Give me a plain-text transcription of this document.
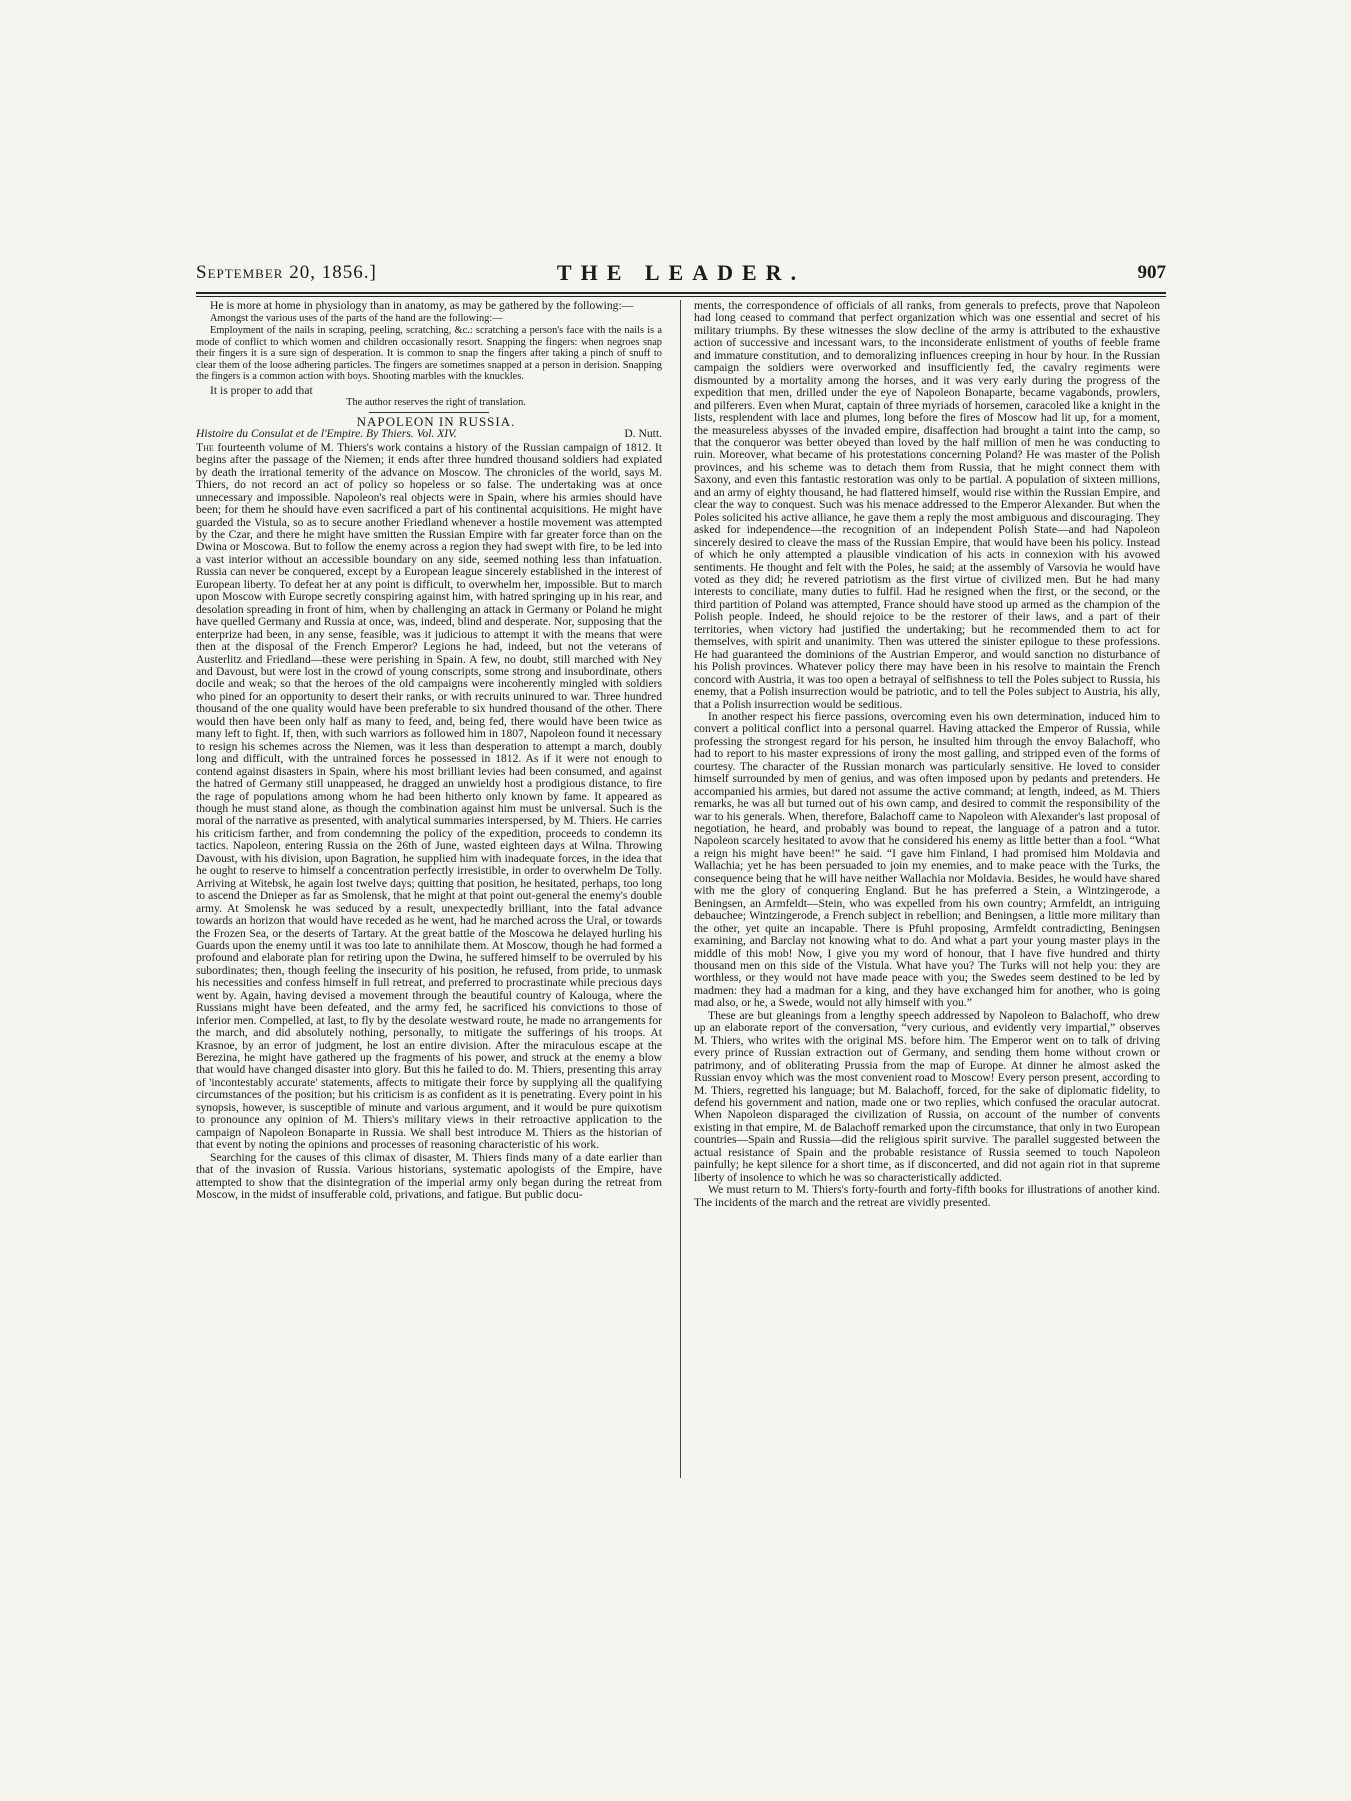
September 20, 1856.]	THE LEADER.	907

He is more at home in physiology than in anatomy, as may be gathered by the following:—

Amongst the various uses of the parts of the hand are the following:—

Employment of the nails in scraping, peeling, scratching, &c.: scratching a person's face with the nails is a mode of conflict to which women and children occasionally resort. Snapping the fingers: when negroes snap their fingers it is a sure sign of desperation. It is common to snap the fingers after taking a pinch of snuff to clear them of the loose adhering particles. The fingers are sometimes snapped at a person in derision. Snapping the fingers is a common action with boys. Shooting marbles with the knuckles.

It is proper to add that

The author reserves the right of translation.

NAPOLEON IN RUSSIA.

Histoire du Consulat et de l'Empire. By Thiers. Vol. XIV.	D. Nutt.

The fourteenth volume of M. Thiers's work contains a history of the Russian campaign of 1812. It begins after the passage of the Niemen; it ends after three hundred thousand soldiers had expiated by death the irrational temerity of the advance on Moscow. The chronicles of the world, says M. Thiers, do not record an act of policy so hopeless or so false. The undertaking was at once unnecessary and impossible. Napoleon's real objects were in Spain, where his armies should have been; for them he should have even sacrificed a part of his continental acquisitions. He might have guarded the Vistula, so as to secure another Friedland whenever a hostile movement was attempted by the Czar, and there he might have smitten the Russian Empire with far greater force than on the Dwina or Moscowa. But to follow the enemy across a region they had swept with fire, to be led into a vast interior without an accessible boundary on any side, seemed nothing less than infatuation. Russia can never be conquered, except by a European league sincerely established in the interest of European liberty. To defeat her at any point is difficult, to overwhelm her, impossible. But to march upon Moscow with Europe secretly conspiring against him, with hatred springing up in his rear, and desolation spreading in front of him, when by challenging an attack in Germany or Poland he might have quelled Germany and Russia at once, was, indeed, blind and desperate. Nor, supposing that the enterprize had been, in any sense, feasible, was it judicious to attempt it with the means that were then at the disposal of the French Emperor? Legions he had, indeed, but not the veterans of Austerlitz and Friedland—these were perishing in Spain. A few, no doubt, still marched with Ney and Davoust, but were lost in the crowd of young conscripts, some strong and insubordinate, others docile and weak; so that the heroes of the old campaigns were incoherently mingled with soldiers who pined for an opportunity to desert their ranks, or with recruits uninured to war. Three hundred thousand of the one quality would have been preferable to six hundred thousand of the other. There would then have been only half as many to feed, and, being fed, there would have been twice as many left to fight. If, then, with such warriors as followed him in 1807, Napoleon found it necessary to resign his schemes across the Niemen, was it less than desperation to attempt a march, doubly long and difficult, with the untrained forces he possessed in 1812. As if it were not enough to contend against disasters in Spain, where his most brilliant levies had been consumed, and against the hatred of Germany still unappeased, he dragged an unwieldy host a prodigious distance, to fire the rage of populations among whom he had been hitherto only known by fame. It appeared as though he must stand alone, as though the combination against him must be universal. Such is the moral of the narrative as presented, with analytical summaries interspersed, by M. Thiers. He carries his criticism farther, and from condemning the policy of the expedition, proceeds to condemn its tactics. Napoleon, entering Russia on the 26th of June, wasted eighteen days at Wilna. Throwing Davoust, with his division, upon Bagration, he supplied him with inadequate forces, in the idea that he ought to reserve to himself a concentration perfectly irresistible, in order to overwhelm De Tolly. Arriving at Witebsk, he again lost twelve days; quitting that position, he hesitated, perhaps, too long to ascend the Dnieper as far as Smolensk, that he might at that point out-general the enemy's double army. At Smolensk he was seduced by a result, unexpectedly brilliant, into the fatal advance towards an horizon that would have receded as he went, had he marched across the Ural, or towards the Frozen Sea, or the deserts of Tartary. At the great battle of the Moscowa he delayed hurling his Guards upon the enemy until it was too late to annihilate them. At Moscow, though he had formed a profound and elaborate plan for retiring upon the Dwina, he suffered himself to be overruled by his subordinates; then, though feeling the insecurity of his position, he refused, from pride, to unmask his necessities and confess himself in full retreat, and preferred to procrastinate while precious days went by. Again, having devised a movement through the beautiful country of Kalouga, where the Russians might have been defeated, and the army fed, he sacrificed his convictions to those of inferior men. Compelled, at last, to fly by the desolate westward route, he made no arrangements for the march, and did absolutely nothing, personally, to mitigate the sufferings of his troops. At Krasnoe, by an error of judgment, he lost an entire division. After the miraculous escape at the Berezina, he might have gathered up the fragments of his power, and struck at the enemy a blow that would have changed disaster into glory. But this he failed to do. M. Thiers, presenting this array of 'incontestably accurate' statements, affects to mitigate their force by supplying all the qualifying circumstances of the position; but his criticism is as confident as it is penetrating. Every point in his synopsis, however, is susceptible of minute and various argument, and it would be pure quixotism to pronounce any opinion of M. Thiers's military views in their retroactive application to the campaign of Napoleon Bonaparte in Russia. We shall best introduce M. Thiers as the historian of that event by noting the opinions and processes of reasoning characteristic of his work.

Searching for the causes of this climax of disaster, M. Thiers finds many of a date earlier than that of the invasion of Russia. Various historians, systematic apologists of the Empire, have attempted to show that the disintegration of the imperial army only began during the retreat from Moscow, in the midst of insufferable cold, privations, and fatigue. But public docu-

ments, the correspondence of officials of all ranks, from generals to prefects, prove that Napoleon had long ceased to command that perfect organization which was one essential and secret of his military triumphs. By these witnesses the slow decline of the army is attributed to the exhaustive action of successive and incessant wars, to the inconsiderate enlistment of youths of feeble frame and immature constitution, and to demoralizing influences creeping in hour by hour. In the Russian campaign the soldiers were overworked and insufficiently fed, the cavalry regiments were dismounted by a mortality among the horses, and it was very early during the progress of the expedition that men, drilled under the eye of Napoleon Bonaparte, became vagabonds, prowlers, and pilferers. Even when Murat, captain of three myriads of horsemen, caracoled like a knight in the lists, resplendent with lace and plumes, long before the fires of Moscow had lit up, for a moment, the measureless abysses of the invaded empire, disaffection had brought a taint into the camp, so that the conqueror was better obeyed than loved by the half million of men he was conducting to ruin. Moreover, what became of his protestations concerning Poland? He was master of the Polish provinces, and his scheme was to detach them from Russia, that he might connect them with Saxony, and even this fantastic restoration was only to be partial. A population of sixteen millions, and an army of eighty thousand, he had flattered himself, would rise within the Russian Empire, and clear the way to conquest. Such was his menace addressed to the Emperor Alexander. But when the Poles solicited his active alliance, he gave them a reply the most ambiguous and discouraging. They asked for independence—the recognition of an independent Polish State—and had Napoleon sincerely desired to cleave the mass of the Russian Empire, that would have been his policy. Instead of which he only attempted a plausible vindication of his acts in connexion with his avowed sentiments. He thought and felt with the Poles, he said; at the assembly of Varsovia he would have voted as they did; he revered patriotism as the first virtue of civilized men. But he had many interests to conciliate, many duties to fulfil. Had he resigned when the first, or the second, or the third partition of Poland was attempted, France should have stood up armed as the champion of the Polish people. Indeed, he should rejoice to be the restorer of their laws, and a part of their territories, when victory had justified the undertaking; but he recommended them to act for themselves, with spirit and unanimity. Then was uttered the sinister epilogue to these professions. He had guaranteed the dominions of the Austrian Emperor, and would sanction no disturbance of his Polish provinces. Whatever policy there may have been in his resolve to maintain the French concord with Austria, it was too open a betrayal of selfishness to tell the Poles subject to Russia, his enemy, that a Polish insurrection would be patriotic, and to tell the Poles subject to Austria, his ally, that a Polish insurrection would be seditious.

In another respect his fierce passions, overcoming even his own determination, induced him to convert a political conflict into a personal quarrel. Having attacked the Emperor of Russia, while professing the strongest regard for his person, he insulted him through the envoy Balachoff, who had to report to his master expressions of irony the most galling, and stripped even of the forms of courtesy. The character of the Russian monarch was particularly sensitive. He loved to consider himself surrounded by men of genius, and was often imposed upon by pedants and pretenders. He accompanied his armies, but dared not assume the active command; at length, indeed, as M. Thiers remarks, he was all but turned out of his own camp, and desired to commit the responsibility of the war to his generals. When, therefore, Balachoff came to Napoleon with Alexander's last proposal of negotiation, he heard, and probably was bound to repeat, the language of a patron and a tutor. Napoleon scarcely hesitated to avow that he considered his enemy as little better than a fool. “What a reign his might have been!” he said. “I gave him Finland, I had promised him Moldavia and Wallachia; yet he has been persuaded to join my enemies, and to make peace with the Turks, the consequence being that he will have neither Wallachia nor Moldavia. Besides, he would have shared with me the glory of conquering England. But he has preferred a Stein, a Wintzingerode, a Beningsen, an Armfeldt—Stein, who was expelled from his own country; Armfeldt, an intriguing debauchee; Wintzingerode, a French subject in rebellion; and Beningsen, a little more military than the other, yet quite an incapable. There is Pfuhl proposing, Armfeldt contradicting, Beningsen examining, and Barclay not knowing what to do. And what a part your young master plays in the middle of this mob! Now, I give you my word of honour, that I have five hundred and thirty thousand men on this side of the Vistula. What have you? The Turks will not help you: they are worthless, or they would not have made peace with you; the Swedes seem destined to be led by madmen: they had a madman for a king, and they have exchanged him for another, who is going mad also, or he, a Swede, would not ally himself with you.”

These are but gleanings from a lengthy speech addressed by Napoleon to Balachoff, who drew up an elaborate report of the conversation, “very curious, and evidently very impartial,” observes M. Thiers, who writes with the original MS. before him. The Emperor went on to talk of driving every prince of Russian extraction out of Germany, and sending them home without crown or patrimony, and of obliterating Prussia from the map of Europe. At dinner he almost asked the Russian envoy which was the most convenient road to Moscow! Every person present, according to M. Thiers, regretted his language; but M. Balachoff, forced, for the sake of diplomatic fidelity, to defend his government and nation, made one or two replies, which confused the oracular autocrat. When Napoleon disparaged the civilization of Russia, on account of the number of convents existing in that empire, M. de Balachoff remarked upon the circumstance, that only in two European countries—Spain and Russia—did the religious spirit survive. The parallel suggested between the actual resistance of Spain and the probable resistance of Russia seemed to touch Napoleon painfully; he kept silence for a short time, as if disconcerted, and did not again riot in that supreme liberty of insolence to which he was so characteristically addicted.

We must return to M. Thiers's forty-fourth and forty-fifth books for illustrations of another kind. The incidents of the march and the retreat are vividly presented.
